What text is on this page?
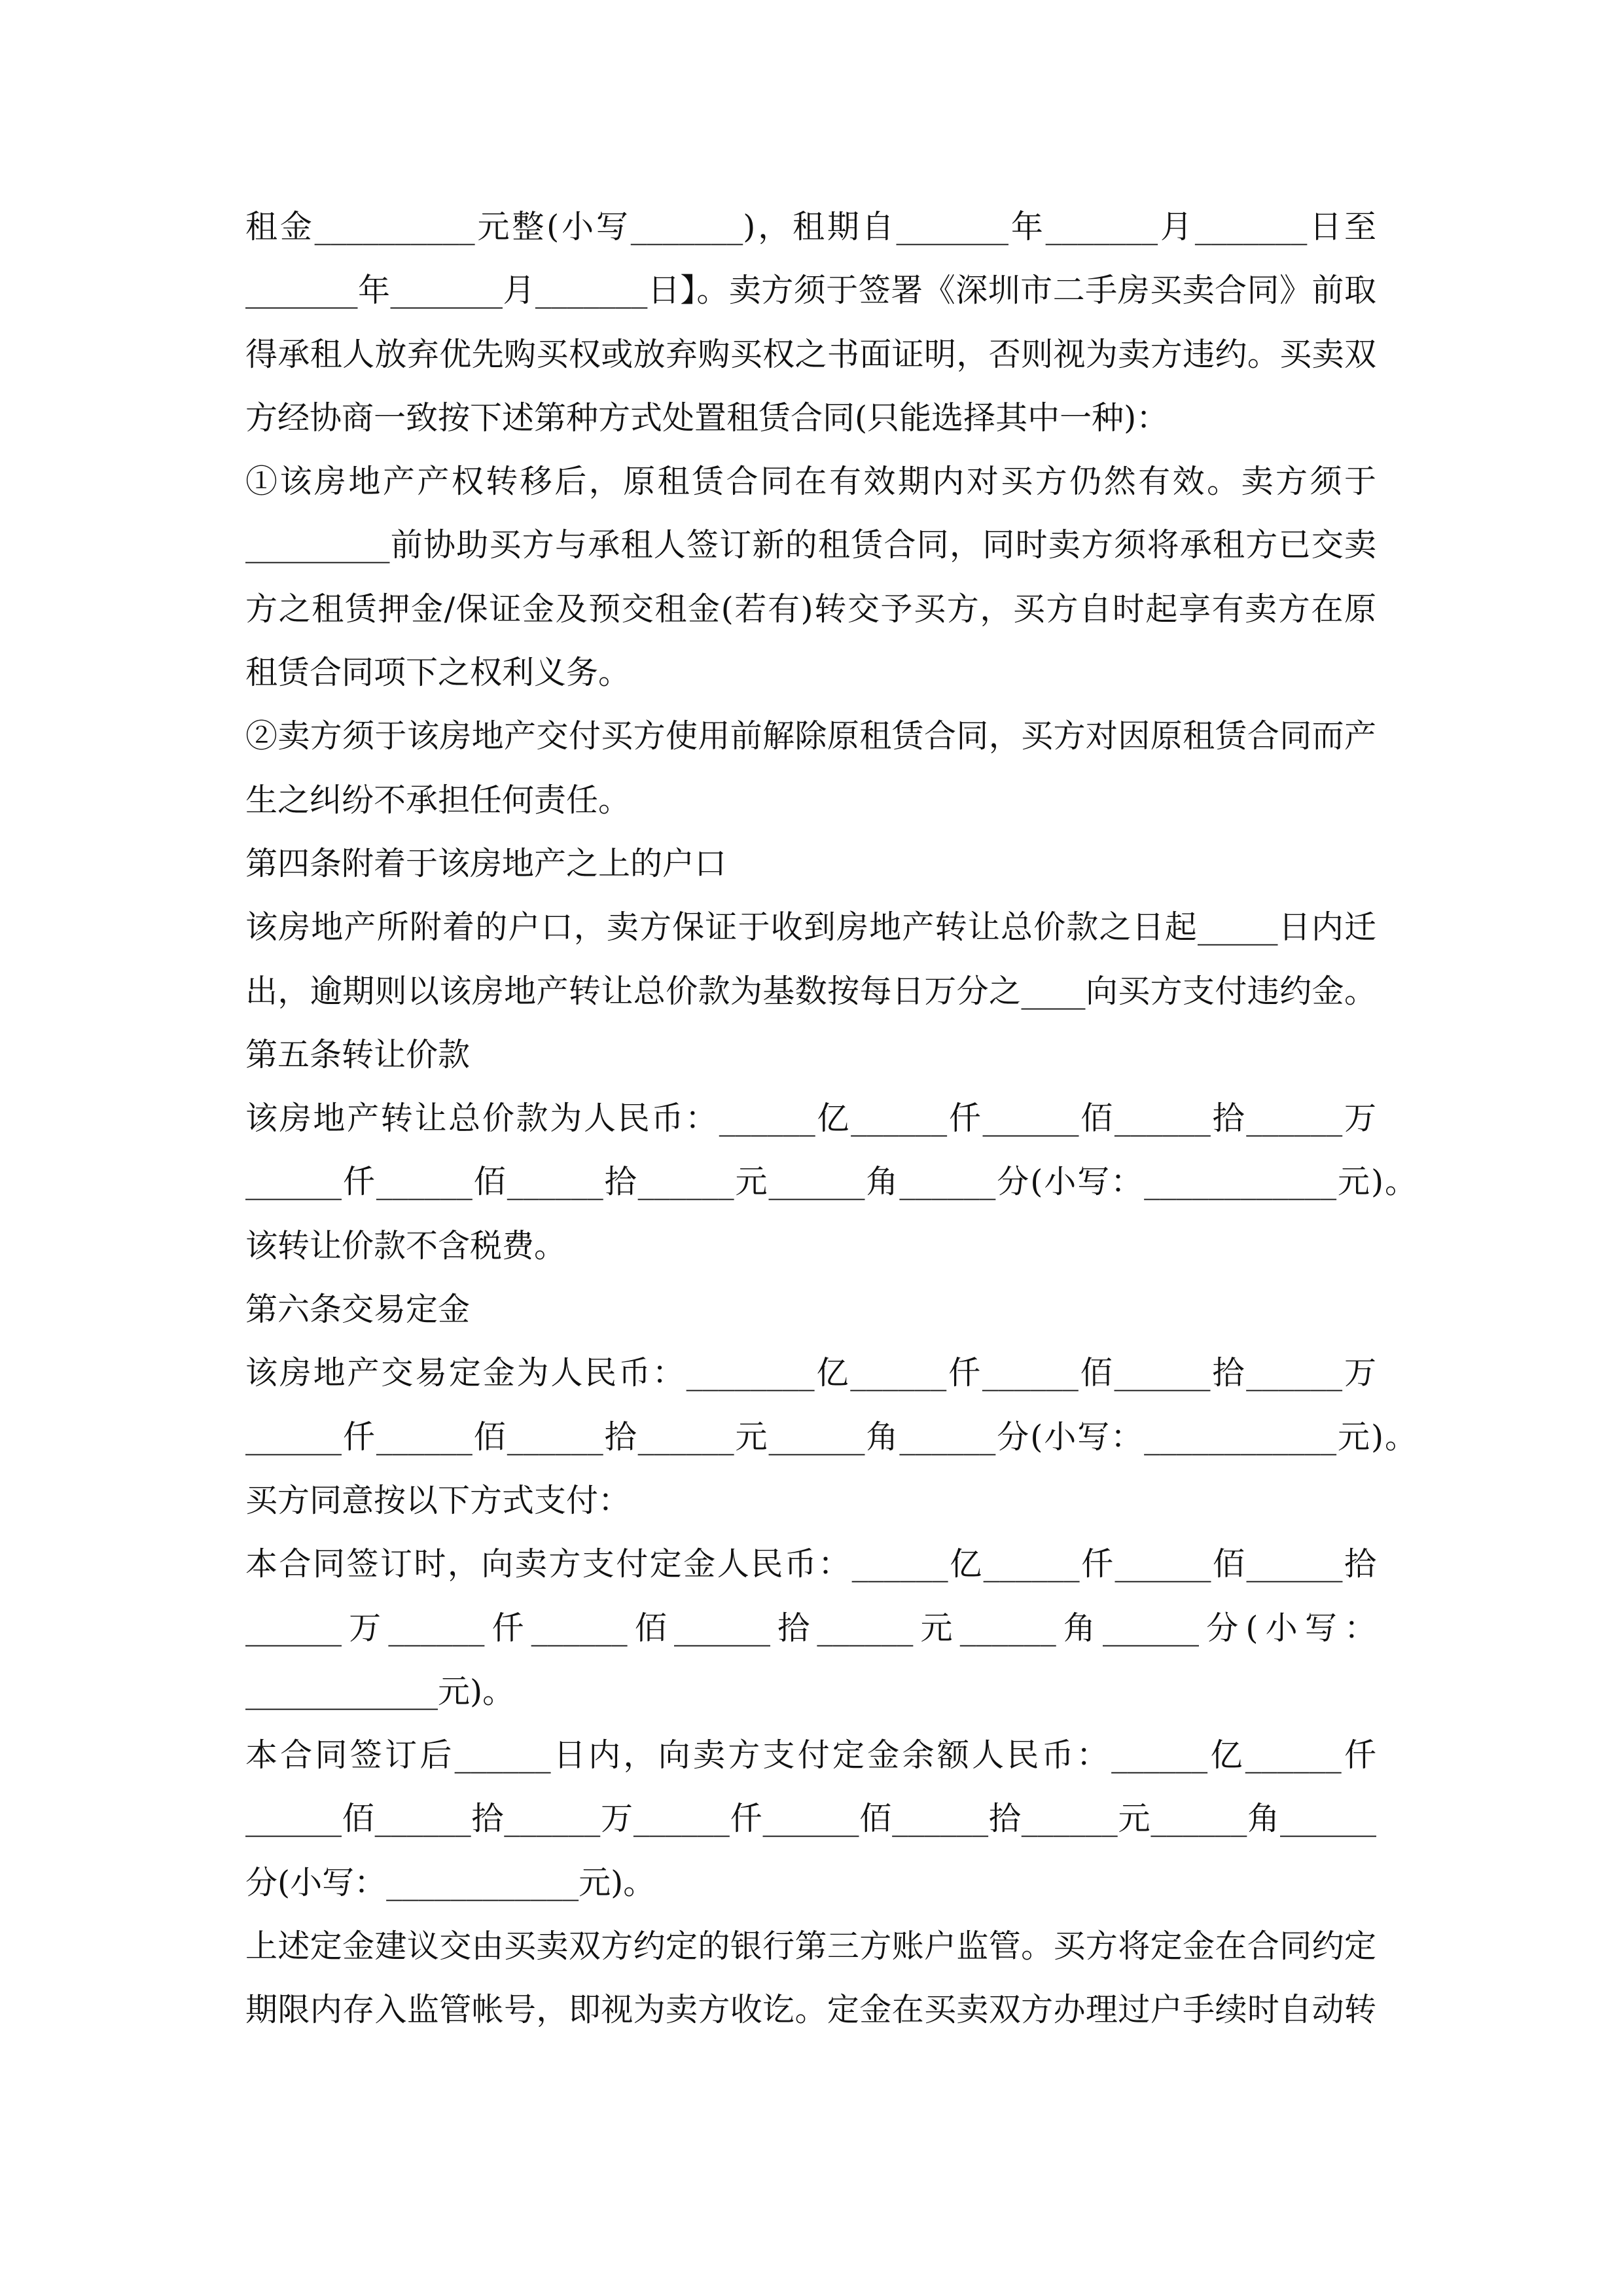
租金__________元整(小写_______)，租期自_______年_______月_______日至
_______年_______月_______日】。卖方须于签署《深圳市二手房买卖合同》前取
得承租人放弃优先购买权或放弃购买权之书面证明，否则视为卖方违约。买卖双
方经协商一致按下述第种方式处置租赁合同(只能选择其中一种)：
①该房地产产权转移后，原租赁合同在有效期内对买方仍然有效。卖方须于
_________前协助买方与承租人签订新的租赁合同，同时卖方须将承租方已交卖
方之租赁押金/保证金及预交租金(若有)转交予买方，买方自时起享有卖方在原
租赁合同项下之权利义务。
②卖方须于该房地产交付买方使用前解除原租赁合同，买方对因原租赁合同而产
生之纠纷不承担任何责任。
第四条附着于该房地产之上的户口
该房地产所附着的户口，卖方保证于收到房地产转让总价款之日起_____日内迁
出，逾期则以该房地产转让总价款为基数按每日万分之____向买方支付违约金。
第五条转让价款
该房地产转让总价款为人民币：______亿______仟______佰______拾______万
______仟______佰______拾______元______角______分(小写：____________元)。
该转让价款不含税费。
第六条交易定金
该房地产交易定金为人民币：________亿______仟______佰______拾______万
______仟______佰______拾______元______角______分(小写：____________元)。
买方同意按以下方式支付：
本合同签订时，向卖方支付定金人民币：______亿______仟______佰______拾
______万______仟______佰______拾______元______角______分(小写：
____________元)。
本合同签订后______日内，向卖方支付定金余额人民币：______亿______仟
______佰______拾______万______仟______佰______拾______元______角______
分(小写：____________元)。
上述定金建议交由买卖双方约定的银行第三方账户监管。买方将定金在合同约定
期限内存入监管帐号，即视为卖方收讫。定金在买卖双方办理过户手续时自动转
